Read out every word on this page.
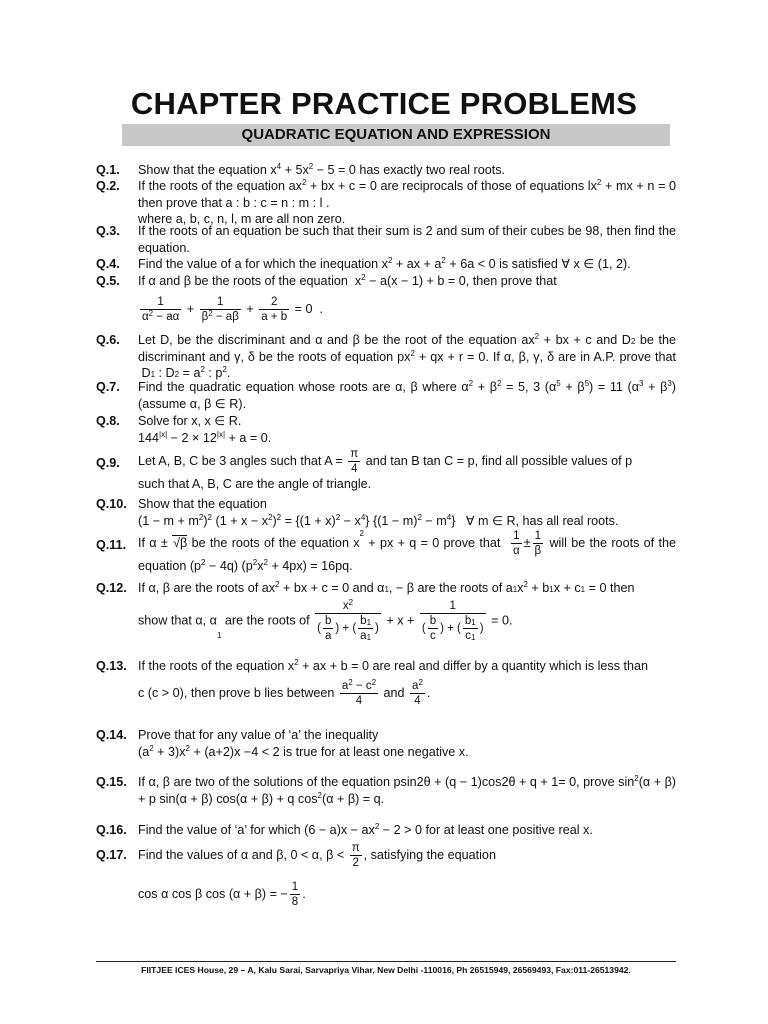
CHAPTER PRACTICE PROBLEMS
QUADRATIC EQUATION AND EXPRESSION
Q.1.	Show that the equation $x^4 + 5x^2 - 5 = 0$ has exactly two real roots.
Q.2.	If the roots of the equation $ax^2$ + bx + c = 0 are reciprocals of those of equations $lx^2$ + mx + n = 0 then prove that a : b : c = n : m : l .
where a, b, c, n, l, m are all non zero.
Q.3.	If the roots of an equation be such that their sum is 2 and sum of their cubes be 98, then find the equation.
Q.4.	Find the value of a for which the inequation $x^2$ + ax + $a^2 + 6a < 0$ is satisfied ∀ x ∈ (1, 2).
Q.5.	If α and β be the roots of the equation  $x^2 - a(x - 1) + b = 0$, then prove that
$\frac{1}{\alpha^2 - a\alpha} + \frac{1}{\beta^2 - a\beta} + \frac{2}{a + b} = 0$  .
Q.6.	Let D, be the discriminant and α and β be the root of the equation $ax^2$ + bx + c and $D_2$ be the discriminant and γ, δ be the roots of equation $px^2$ + qx + r = 0. If α, β, γ, δ are in A.P. prove that  $D_1$ : $D_2 = a^2$ : $p^2$.
Q.7.	Find the quadratic equation whose roots are α, β where $\alpha^2 + \beta^2 = 5$, 3 $(\alpha^5 + \beta^5) = 11$ $(\alpha^3 + \beta^3)$ (assume α, β ∈ R).
Q.8.	Solve for x, x ∈ R.
$144^{|x|} - 2 \times 12^{|x|} + a = 0$.
Q.9.	Let A, B, C be 3 angles such that $A = \frac{\pi}{4}$ and tan B tan C = p, find all possible values of p
such that A, B, C are the angle of triangle.
Q.10. Show that the equation
$(1 - m + m^2)^2$ $(1 + x - x^2)^2 = \{(1 + x)^2 - x^4\} \{(1 - m)^2 - m^4\}$   ∀ m ∈ R, has all real roots.
Q.11. If α ± √β be the roots of the equation $x^2$ + px + q = 0 prove that $\frac{1}{\alpha} \pm \frac{1}{\beta}$ will be the roots of the equation $(p^2 - 4q) (p^2x^2 + 4px) = 16pq$.
Q.12. If α, β are the roots of $ax^2$ + bx + c = 0 and $\alpha_1$, − β are the roots of $a_1x^2 + b_1x + c_1 = 0$ then
show that α, $\alpha_1$ are the roots of $\frac{x^2}{( \frac{b}{a} ) + ( \frac{b_1}{a_1} )} + x + \frac{1}{( \frac{b}{c} ) + ( \frac{b_1}{c_1} )} = 0$.
Q.13. If the roots of the equation $x^2$ + ax + b = 0 are real and differ by a quantity which is less than
c (c > 0), then prove b lies between $\frac{a^2 - c^2}{4}$ and $\frac{a^2}{4}$ .
Q.14. Prove that for any value of ‘a’ the inequality
$(a^2 + 3)x^2 + (a+2)x -4 < 2$ is true for at least one negative x.
Q.15. If α, β are two of the solutions of the equation psin2θ + (q − 1)cos2θ + q + 1= 0, prove $\sin^2(\alpha + \beta) + p$ sin(α + β) cos(α + β) + q $\cos^2(\alpha + \beta) = q$.
Q.16. Find the value of ‘a’ for which $(6 - a)x - ax^2 - 2 > 0$ for at least one positive real x.
Q.17. Find the values of α and β, 0 < α, $\beta < \frac{\pi}{2}$ , satisfying the equation
cos α cos β cos (α + β) = − $\frac{1}{8}$ .
FIITJEE ICES House, 29 – A, Kalu Sarai, Sarvapriya Vihar, New Delhi -110016, Ph 26515949, 26569493, Fax:011-26513942.
